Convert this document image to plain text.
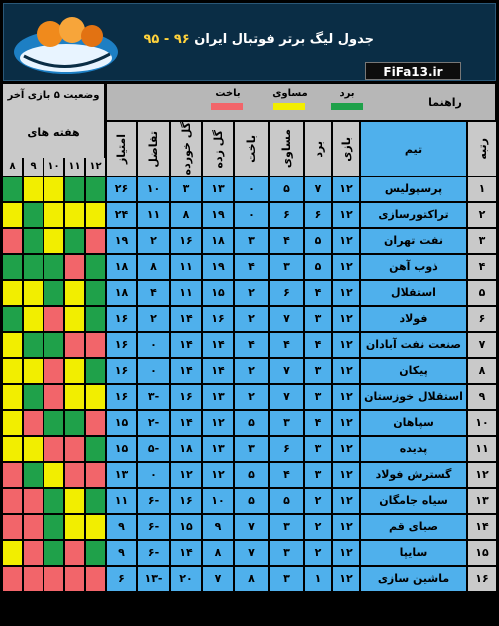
جدول لیگ برتر فوتبال ایران ۹۶ - ۹۵
FiFa13.ir
راهنما
برد
مساوی
باخت
وضعیت ۵ بازی آخر
هفته های
۱۲
۱۱
۱۰
۹
۸
رتبه
تیم
بازی
برد
مساوی
باخت
گل زده
گل خورده
تفاضل
امتیاز
۱
پرسپولیس
۱۲
۷
۵
۰
۱۳
۳
۱۰
۲۶
۲
تراکتورسازی
۱۲
۶
۶
۰
۱۹
۸
۱۱
۲۴
۳
نفت تهران
۱۲
۵
۴
۳
۱۸
۱۶
۲
۱۹
۴
ذوب آهن
۱۲
۵
۳
۴
۱۹
۱۱
۸
۱۸
۵
استقلال
۱۲
۴
۶
۲
۱۵
۱۱
۴
۱۸
۶
فولاد
۱۲
۳
۷
۲
۱۶
۱۴
۲
۱۶
۷
صنعت نفت آبادان
۱۲
۴
۴
۴
۱۴
۱۴
۰
۱۶
۸
پیکان
۱۲
۳
۷
۲
۱۴
۱۴
۰
۱۶
۹
استقلال خوزستان
۱۲
۳
۷
۲
۱۳
۱۶
۳-
۱۶
۱۰
سپاهان
۱۲
۴
۳
۵
۱۲
۱۴
۲-
۱۵
۱۱
پدیده
۱۲
۳
۶
۳
۱۳
۱۸
۵-
۱۵
۱۲
گسترش فولاد
۱۲
۳
۴
۵
۱۲
۱۲
۰
۱۳
۱۳
سیاه جامگان
۱۲
۲
۵
۵
۱۰
۱۶
۶-
۱۱
۱۴
صبای قم
۱۲
۲
۳
۷
۹
۱۵
۶-
۹
۱۵
سایپا
۱۲
۲
۳
۷
۸
۱۴
۶-
۹
۱۶
ماشین سازی
۱۲
۱
۳
۸
۷
۲۰
۱۳-
۶
